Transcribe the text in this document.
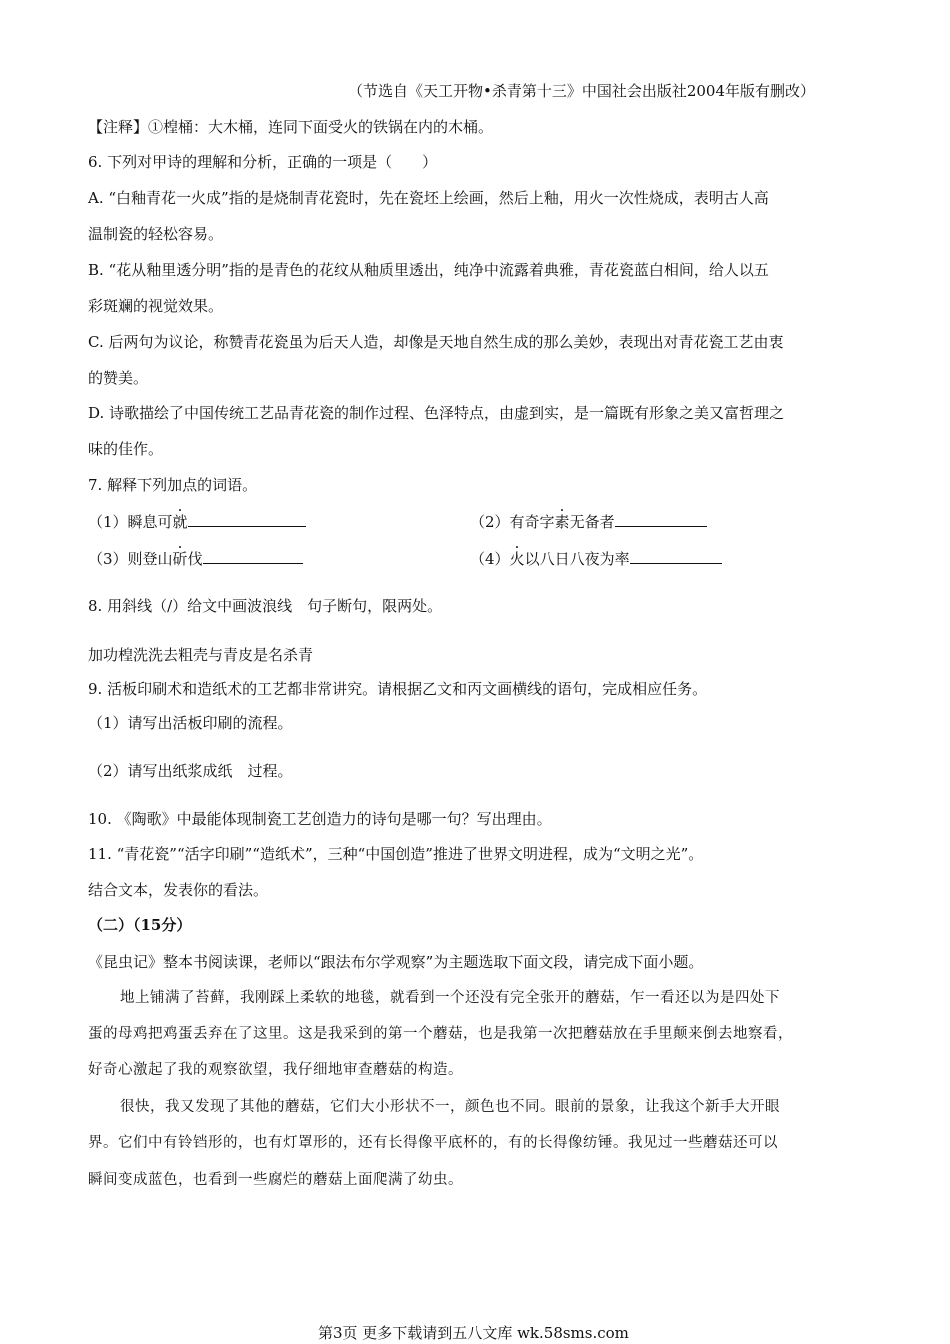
（节选自《天工开物•杀青第十三》中国社会出版社2004年版有删改）
【注释】①楻桶：大木桶，连同下面受火的铁锅在内的木桶。
6. 下列对甲诗的理解和分析，正确的一项是（　　）
A. “白釉青花一火成”指的是烧制青花瓷时，先在瓷坯上绘画，然后上釉，用火一次性烧成，表明古人高
温制瓷的轻松容易。
B. “花从釉里透分明”指的是青色的花纹从釉质里透出，纯净中流露着典雅，青花瓷蓝白相间，给人以五
彩斑斓的视觉效果。
C. 后两句为议论，称赞青花瓷虽为后天人造，却像是天地自然生成的那么美妙，表现出对青花瓷工艺由衷
的赞美。
D. 诗歌描绘了中国传统工艺品青花瓷的制作过程、色泽特点，由虚到实，是一篇既有形象之美又富哲理之
味的佳作。
7. 解释下列加点的词语。
（1）瞬息可就	（2）有奇字素无备者
（3）则登山斫伐	（4）火以八日八夜为率
8. 用斜线（/）给文中画波浪线　句子断句，限两处。
加功楻洗洗去粗壳与青皮是名杀青
9. 活板印刷术和造纸术的工艺都非常讲究。请根据乙文和丙文画横线的语句，完成相应任务。
（1）请写出活板印刷的流程。
（2）请写出纸浆成纸　过程。
10. 《陶歌》中最能体现制瓷工艺创造力的诗句是哪一句？写出理由。
11. “青花瓷”“活字印刷”“造纸术”，三种“中国创造”推进了世界文明进程，成为“文明之光”。
结合文本，发表你的看法。
（二）（15分）
《昆虫记》整本书阅读课，老师以“跟法布尔学观察”为主题选取下面文段，请完成下面小题。
地上铺满了苔藓，我刚踩上柔软的地毯，就看到一个还没有完全张开的蘑菇，乍一看还以为是四处下
蛋的母鸡把鸡蛋丢弃在了这里。这是我采到的第一个蘑菇，也是我第一次把蘑菇放在手里颠来倒去地察看，
好奇心激起了我的观察欲望，我仔细地审查蘑菇的构造。
很快，我又发现了其他的蘑菇，它们大小形状不一，颜色也不同。眼前的景象，让我这个新手大开眼
界。它们中有铃铛形的，也有灯罩形的，还有长得像平底杯的，有的长得像纺锤。我见过一些蘑菇还可以
瞬间变成蓝色，也看到一些腐烂的蘑菇上面爬满了幼虫。
第3页 更多下载请到五八文库 wk.58sms.com
